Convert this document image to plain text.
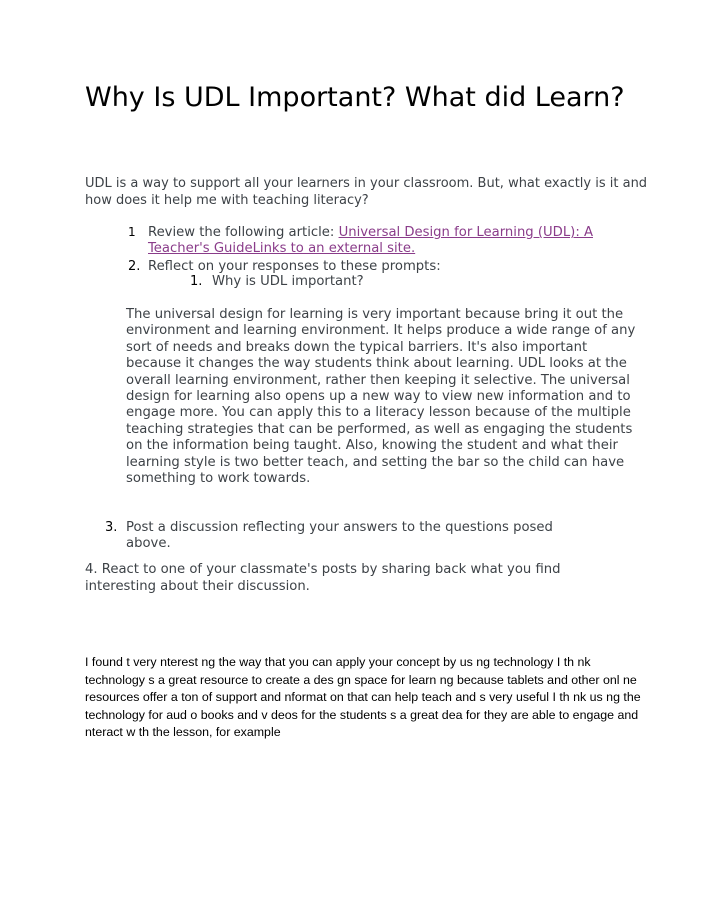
Why Is UDL Important? What did Learn?

UDL is a way to support all your learners in your classroom. But, what exactly is it and how does it help me with teaching literacy?

1 Review the following article: Universal Design for Learning (UDL): A Teacher's GuideLinks to an external site.
2. Reflect on your responses to these prompts:
1. Why is UDL important?

The universal design for learning is very important because bring it out the environment and learning environment. It helps produce a wide range of any sort of needs and breaks down the typical barriers. It's also important because it changes the way students think about learning. UDL looks at the overall learning environment, rather then keeping it selective. The universal design for learning also opens up a new way to view new information and to engage more. You can apply this to a literacy lesson because of the multiple teaching strategies that can be performed, as well as engaging the students on the information being taught. Also, knowing the student and what their learning style is two better teach, and setting the bar so the child can have something to work towards.

3. Post a discussion reflecting your answers to the questions posed above.

4. React to one of your classmate's posts by sharing back what you find interesting about their discussion.

I found t very nterest ng the way that you can apply your concept by us ng technology I th nk technology s a great resource to create a des gn space for learn ng because tablets and other onl ne resources offer a ton of support and nformat on that can help teach and s very useful I th nk us ng the technology for aud o books and v deos for the students s a great dea for they are able to engage and nteract w th the lesson, for example
